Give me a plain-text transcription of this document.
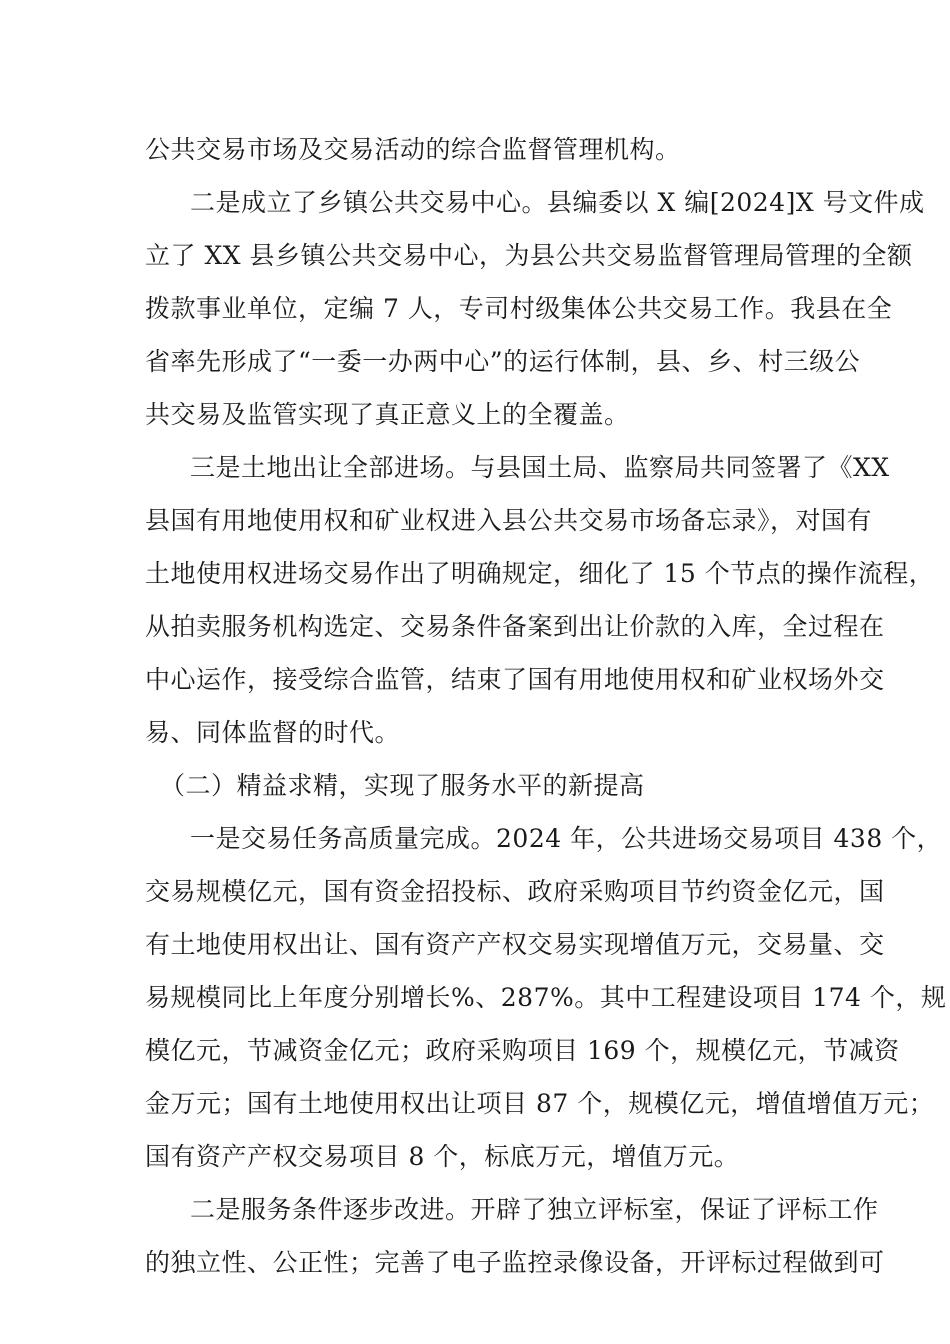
公共交易市场及交易活动的综合监督管理机构。

二是成立了乡镇公共交易中心。县编委以 X 编[2024]X 号文件成

立了 XX 县乡镇公共交易中心，为县公共交易监督管理局管理的全额

拨款事业单位，定编 7 人，专司村级集体公共交易工作。我县在全

省率先形成了“一委一办两中心”的运行体制，县、乡、村三级公

共交易及监管实现了真正意义上的全覆盖。

三是土地出让全部进场。与县国土局、监察局共同签署了《XX

县国有用地使用权和矿业权进入县公共交易市场备忘录》，对国有

土地使用权进场交易作出了明确规定，细化了 15 个节点的操作流程，

从拍卖服务机构选定、交易条件备案到出让价款的入库，全过程在

中心运作，接受综合监管，结束了国有用地使用权和矿业权场外交

易、同体监督的时代。

（二）精益求精，实现了服务水平的新提高

一是交易任务高质量完成。2024 年，公共进场交易项目 438 个，

交易规模亿元，国有资金招投标、政府采购项目节约资金亿元，国

有土地使用权出让、国有资产产权交易实现增值万元，交易量、交

易规模同比上年度分别增长%、287%。其中工程建设项目 174 个，规

模亿元，节减资金亿元；政府采购项目 169 个，规模亿元，节减资

金万元；国有土地使用权出让项目 87 个，规模亿元，增值增值万元；

国有资产产权交易项目 8 个，标底万元，增值万元。

二是服务条件逐步改进。开辟了独立评标室，保证了评标工作

的独立性、公正性；完善了电子监控录像设备，开评标过程做到可
